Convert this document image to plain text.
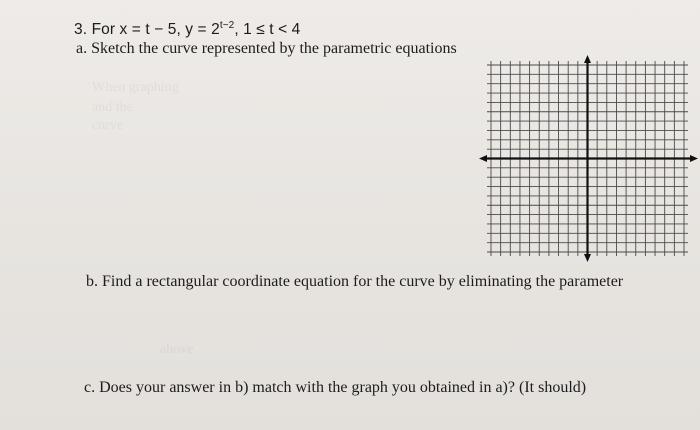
When graphing
and the
curve
above
3. For x = t − 5, $y = 2^{t-2}$, 1 ≤ t < 4
a. Sketch the curve represented by the parametric equations
b. Find a rectangular coordinate equation for the curve by eliminating the parameter
c. Does your answer in b) match with the graph you obtained in a)? (It should)
